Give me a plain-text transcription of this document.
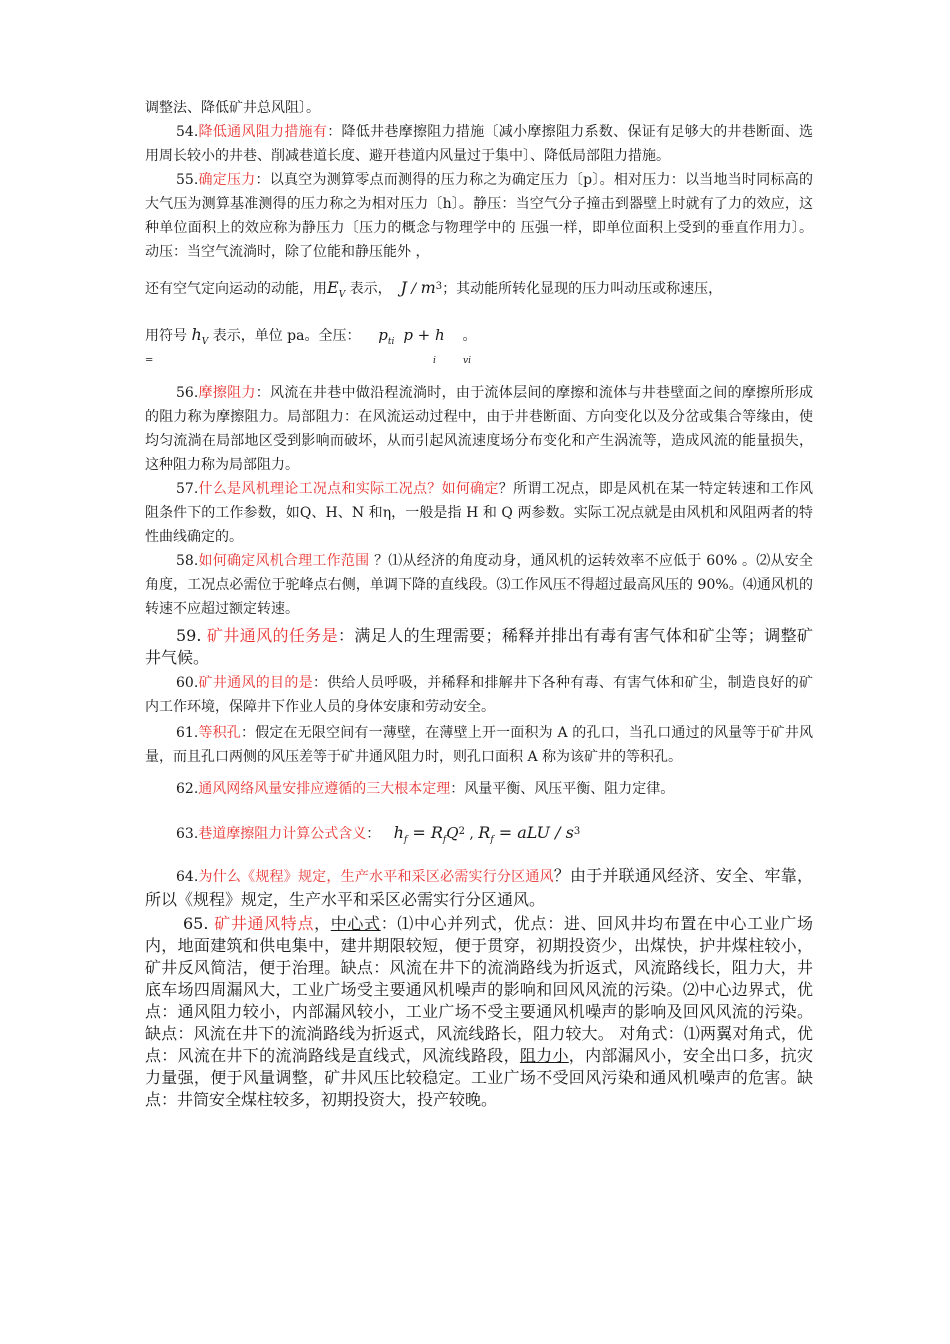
调整法、降低矿井总风阻〕。

54.降低通风阻力措施有：降低井巷摩擦阻力措施〔减小摩擦阻力系数、保证有足够大的井巷断面、选用周长较小的井巷、削减巷道长度、避开巷道内风量过于集中〕、降低局部阻力措施。

55.确定压力：以真空为测算零点而测得的压力称之为确定压力〔p〕。相对压力：以当地当时同标高的大气压为测算基准测得的压力称之为相对压力〔h〕。静压：当空气分子撞击到器壁上时就有了力的效应，这种单位面积上的效应称为静压力〔压力的概念与物理学中的 压强一样，即单位面积上受到的垂直作用力〕。动压：当空气流淌时，除了位能和静压能外 ，

还有空气定向运动的动能，用$E_V$ 表示， J / $m^3$；其动能所转化显现的压力叫动压或称速压，

用符号 $h_V$ 表示，单位 pa。全压： $p_{ti}$ p + h 。

=	i	vi

56.摩擦阻力：风流在井巷中做沿程流淌时，由于流体层间的摩擦和流体与井巷壁面之间的摩擦所形成的阻力称为摩擦阻力。局部阻力：在风流运动过程中，由于井巷断面、方向变化以及分岔或集合等缘由，使均匀流淌在局部地区受到影响而破坏，从而引起风流速度场分布变化和产生涡流等，造成风流的能量损失，这种阻力称为局部阻力。

57.什么是风机理论工况点和实际工况点？如何确定？所谓工况点，即是风机在某一特定转速和工作风阻条件下的工作参数，如Q、H、N 和η，一般是指 H 和 Q 两参数。实际工况点就是由风机和风阻两者的特性曲线确定的。

58.如何确定风机合理工作范围 ？⑴从经济的角度动身，通风机的运转效率不应低于 60% 。⑵从安全角度，工况点必需位于驼峰点右侧，单调下降的直线段。⑶工作风压不得超过最高风压的 90%。⑷通风机的转速不应超过额定转速。

59. 矿井通风的任务是：满足人的生理需要；稀释并排出有毒有害气体和矿尘等；调整矿井气候。

60.矿井通风的目的是：供给人员呼吸，并稀释和排解井下各种有毒、有害气体和矿尘，制造良好的矿内工作环境，保障井下作业人员的身体安康和劳动安全。

61.等积孔：假定在无限空间有一薄壁，在薄壁上开一面积为 A 的孔口，当孔口通过的风量等于矿井风量，而且孔口两侧的风压差等于矿井通风阻力时，则孔口面积 A 称为该矿井的等积孔。

62.通风网络风量安排应遵循的三大根本定理：风量平衡、风压平衡、阻力定律。

63.巷道摩擦阻力计算公式含义： $h_f = R_fQ^2$ , $R_f$ = aLU / $s^3$

64.为什么《规程》规定，生产水平和采区必需实行分区通风？由于并联通风经济、安全、牢靠，所以《规程》规定，生产水平和采区必需实行分区通风。

65. 矿井通风特点，中心式：⑴中心并列式，优点：进、回风井均布置在中心工业广场内，地面建筑和供电集中，建井期限较短，便于贯穿，初期投资少，出煤快，护井煤柱较小，矿井反风简洁，便于治理。缺点：风流在井下的流淌路线为折返式，风流路线长，阻力大，井底车场四周漏风大，工业广场受主要通风机噪声的影响和回风风流的污染。⑵中心边界式，优点：通风阻力较小，内部漏风较小，工业广场不受主要通风机噪声的影响及回风风流的污染。缺点：风流在井下的流淌路线为折返式，风流线路长，阻力较大。 对角式：⑴两翼对角式，优点：风流在井下的流淌路线是直线式，风流线路段，阻力小，内部漏风小，安全出口多，抗灾力量强，便于风量调整，矿井风压比较稳定。工业广场不受回风污染和通风机噪声的危害。缺点：井筒安全煤柱较多，初期投资大，投产较晚。
